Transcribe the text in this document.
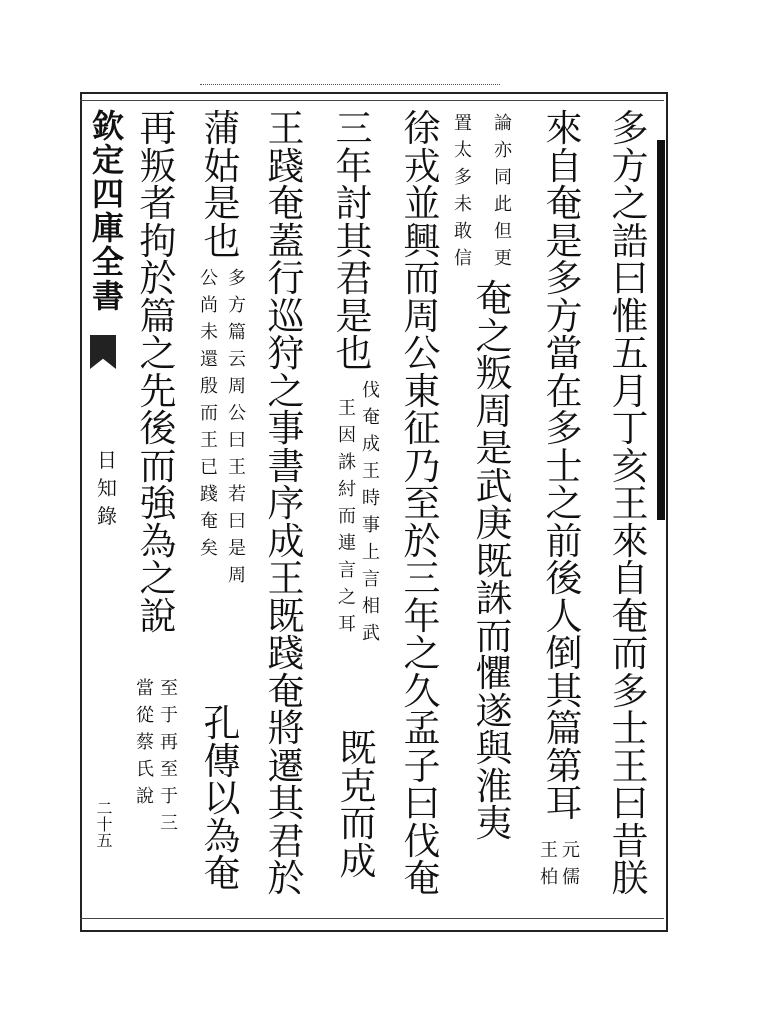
欽
定
四
庫
全
書
日
知
錄
二十五
多
方
之
誥
曰
惟
五
月
丁
亥
王
來
自
奄
而
多
士
王
曰
昔
朕
來
自
奄
是
多
方
當
在
多
士
之
前
後
人
倒
其
篇
第
耳
元
儒
王
柏
論
亦
同
此
但
更
奄
之
叛
周
是
武
庚
既
誅
而
懼
遂
與
淮
夷
置
太
多
未
敢
信
徐
戎
並
興
而
周
公
東
征
乃
至
於
三
年
之
久
孟
子
曰
伐
奄
三
年
討
其
君
是
也
伐
奄
成
王
時
事
上
言
相
武
王
因
誅
紂
而
連
言
之
耳
既
克
而
成
王
踐
奄
蓋
行
巡
狩
之
事
書
序
成
王
既
踐
奄
將
遷
其
君
於
蒲
姑
是
也
多
方
篇
云
周
公
曰
王
若
曰
是
周
公
尚
未
還
殷
而
王
已
踐
奄
矣
孔
傳
以
為
奄
再
叛
者
拘
於
篇
之
先
後
而
強
為
之
說
至
于
再
至
于
三
當
從
蔡
氏
說
